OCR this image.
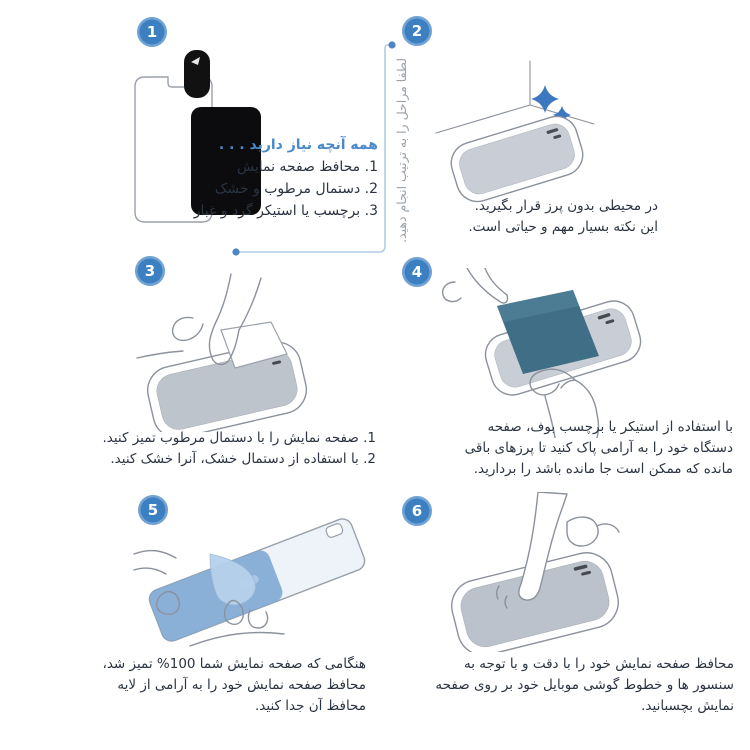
لطفا مراحل را به ترتیب انجام دهید.
1
همه آنچه نیاز دارید . . .
1. محافظ صفحه نمایش
2. دستمال مرطوب و خشک
3. برچسب یا استیکر گرد و غبار
2
در محیطی بدون پرز قرار بگیرید.
این نکته بسیار مهم و حیاتی است.
3
1. صفحه نمایش را با دستمال مرطوب تمیز کنید.
2. با استفاده از دستمال خشک، آنرا خشک کنید.
4
با استفاده از استیکر یا برچسب بوف، صفحه
دستگاه خود را به آرامی پاک کنید تا پرزهای باقی
مانده که ممکن است جا مانده باشد را بردارید.
5
هنگامی که صفحه نمایش شما 100% تمیز شد،
محافظ صفحه نمایش خود را به آرامی از لایه
محافظ آن جدا کنید.
6
محافظ صفحه نمایش خود را با دقت و با توجه به
سنسور ها و خطوط گوشی موبایل خود بر روی صفحه
نمایش بچسبانید.
